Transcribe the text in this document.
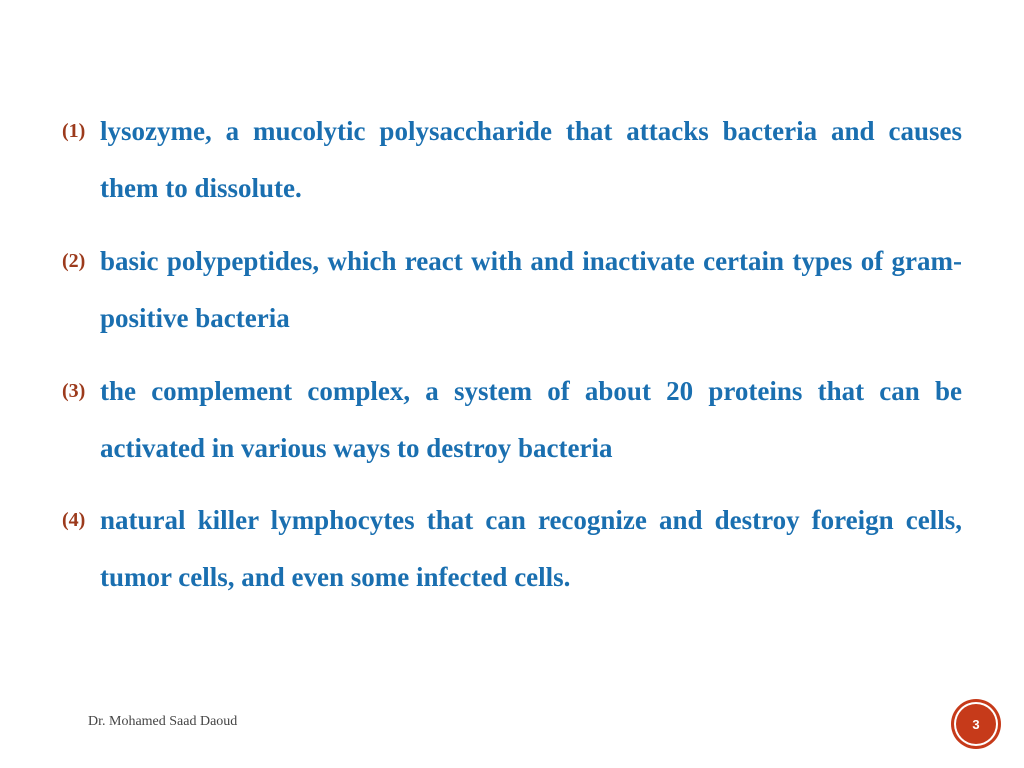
(1) lysozyme, a mucolytic polysaccharide that attacks bacteria and causes them to dissolute.
(2) basic polypeptides, which react with and inactivate certain types of gram-positive bacteria
(3) the complement complex, a system of about 20 proteins that can be activated in various ways to destroy bacteria
(4) natural killer lymphocytes that can recognize and destroy foreign cells, tumor cells, and even some infected cells.
Dr. Mohamed Saad Daoud	3
